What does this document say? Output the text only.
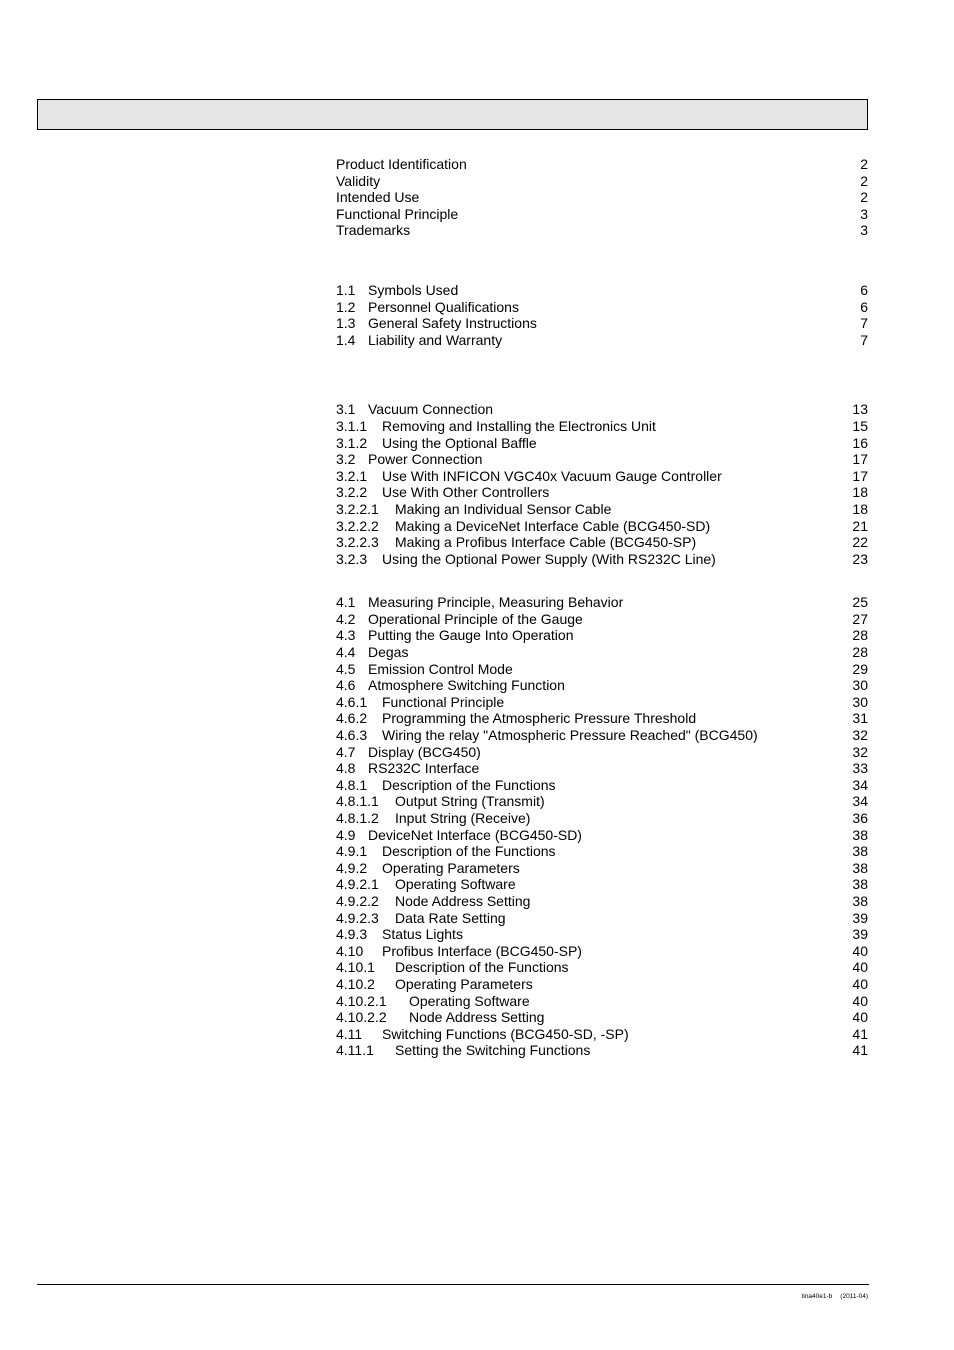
Product Identification	2
Validity	2
Intended Use	2
Functional Principle	3
Trademarks	3
1.1 Symbols Used	6
1.2 Personnel Qualifications	6
1.3 General Safety Instructions	7
1.4 Liability and Warranty	7
3.1 Vacuum Connection	13
3.1.1	Removing and Installing the Electronics Unit	15
3.1.2	Using the Optional Baffle	16
3.2 Power Connection	17
3.2.1	Use With INFICON VGC40x Vacuum Gauge Controller	17
3.2.2	Use With Other Controllers	18
3.2.2.1	Making an Individual Sensor Cable	18
3.2.2.2	Making a DeviceNet Interface Cable (BCG450-SD)	21
3.2.2.3	Making a Profibus Interface Cable (BCG450-SP)	22
3.2.3	Using the Optional Power Supply (With RS232C Line)	23
4.1 Measuring Principle, Measuring Behavior	25
4.2 Operational Principle of the Gauge	27
4.3 Putting the Gauge Into Operation	28
4.4 Degas	28
4.5 Emission Control Mode	29
4.6 Atmosphere Switching Function	30
4.6.1	Functional Principle	30
4.6.2	Programming the Atmospheric Pressure Threshold	31
4.6.3	Wiring the relay "Atmospheric Pressure Reached" (BCG450)	32
4.7 Display (BCG450)	32
4.8 RS232C Interface	33
4.8.1	Description of the Functions	34
4.8.1.1	Output String (Transmit)	34
4.8.1.2	Input String (Receive)	36
4.9 DeviceNet Interface (BCG450-SD)	38
4.9.1	Description of the Functions	38
4.9.2	Operating Parameters	38
4.9.2.1	Operating Software	38
4.9.2.2	Node Address Setting	38
4.9.2.3	Data Rate Setting	39
4.9.3	Status Lights	39
4.10	Profibus Interface (BCG450-SP)	40
4.10.1	Description of the Functions	40
4.10.2	Operating Parameters	40
4.10.2.1	Operating Software	40
4.10.2.2	Node Address Setting	40
4.11	Switching Functions (BCG450-SD, -SP)	41
4.11.1	Setting the Switching Functions	41
tina40e1-b (2011-04)
